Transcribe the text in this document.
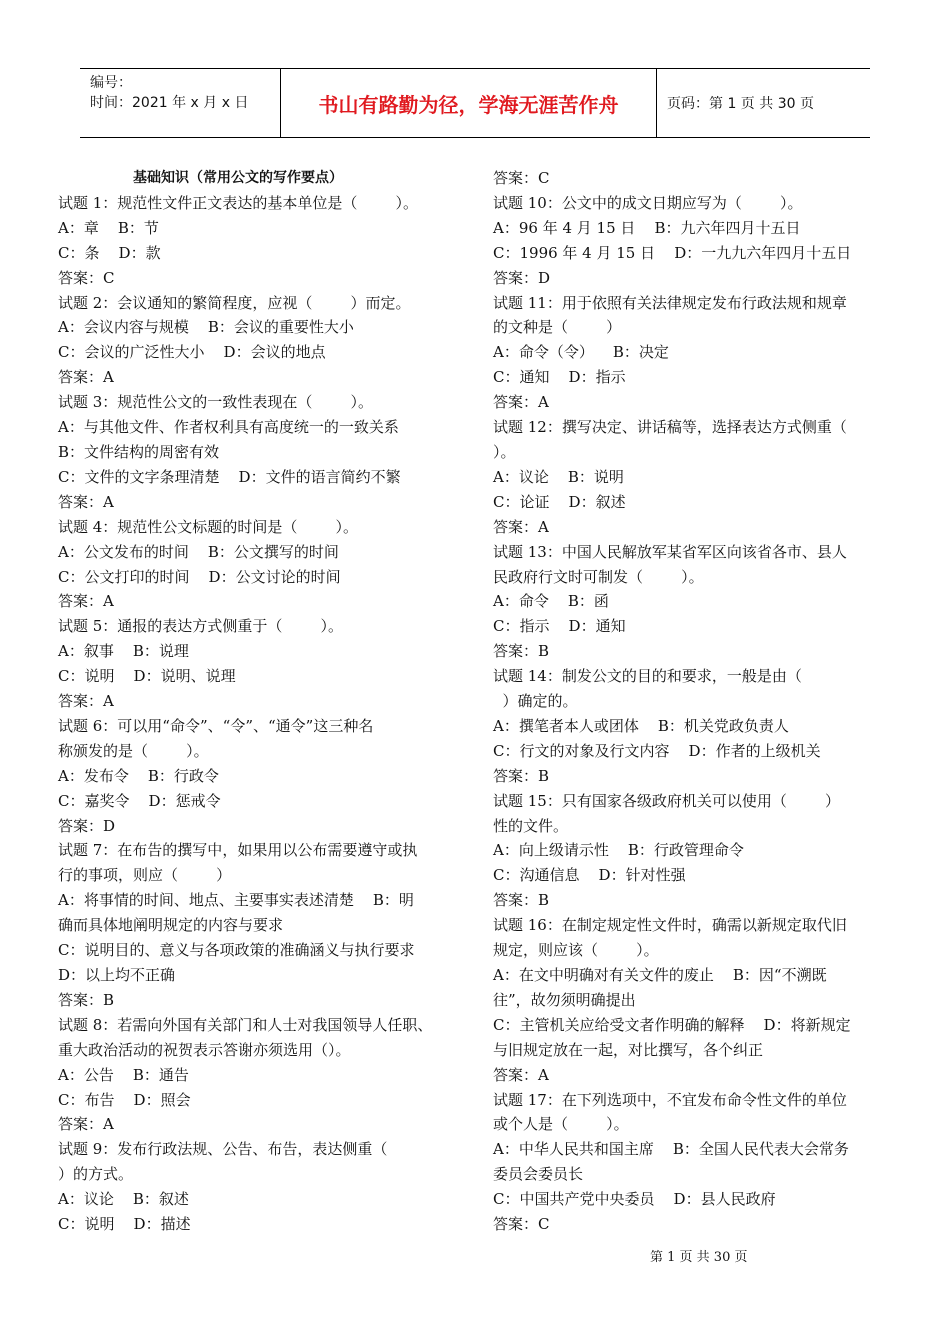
编号：
时间：2021 年 x 月 x 日	书山有路勤为径，学海无涯苦作舟	页码：第 1 页 共 30 页
基础知识（常用公文的写作要点）
试题 1：规范性文件正文表达的基本单位是（        ）。
A：章    B：节
C：条    D：款
答案：C
试题 2：会议通知的繁简程度，应视（        ）而定。
A：会议内容与规模    B：会议的重要性大小
C：会议的广泛性大小    D：会议的地点
答案：A
试题 3：规范性公文的一致性表现在（        ）。
A：与其他文件、作者权利具有高度统一的一致关系
B：文件结构的周密有效
C：文件的文字条理清楚    D：文件的语言简约不繁
答案：A
试题 4：规范性公文标题的时间是（        ）。
A：公文发布的时间    B：公文撰写的时间
C：公文打印的时间    D：公文讨论的时间
答案：A
试题 5：通报的表达方式侧重于（        ）。
A：叙事    B：说理
C：说明    D：说明、说理
答案：A
试题 6：可以用“命令”、“令”、“通令”这三种名
称颁发的是（        ）。
A：发布令    B：行政令
C：嘉奖令    D：惩戒令
答案：D
试题 7：在布告的撰写中，如果用以公布需要遵守或执
行的事项，则应（        ）
A：将事情的时间、地点、主要事实表述清楚    B：明
确而具体地阐明规定的内容与要求
C：说明目的、意义与各项政策的准确涵义与执行要求
D：以上均不正确
答案：B
试题 8：若需向外国有关部门和人士对我国领导人任职、
重大政治活动的祝贺表示答谢亦须选用（）。
A：公告    B：通告
C：布告    D：照会
答案：A
试题 9：发布行政法规、公告、布告，表达侧重（
）的方式。
A：议论    B：叙述
C：说明    D：描述
答案：C
试题 10：公文中的成文日期应写为（        ）。
A：96 年 4 月 15 日    B：九六年四月十五日
C：1996 年 4 月 15 日    D：一九九六年四月十五日
答案：D
试题 11：用于依照有关法律规定发布行政法规和规章
的文种是（        ）
A：命令（令）    B：决定
C：通知    D：指示
答案：A
试题 12：撰写决定、讲话稿等，选择表达方式侧重（
）。
A：议论    B：说明
C：论证    D：叙述
答案：A
试题 13：中国人民解放军某省军区向该省各市、县人
民政府行文时可制发（        ）。
A：命令    B：函
C：指示    D：通知
答案：B
试题 14：制发公文的目的和要求，一般是由（
）确定的。
A：撰笔者本人或团体    B：机关党政负责人
C：行文的对象及行文内容    D：作者的上级机关
答案：B
试题 15：只有国家各级政府机关可以使用（        ）
性的文件。
A：向上级请示性    B：行政管理命令
C：沟通信息    D：针对性强
答案：B
试题 16：在制定规定性文件时，确需以新规定取代旧
规定，则应该（        ）。
A：在文中明确对有关文件的废止    B：因“不溯既
往”，故勿须明确提出
C：主管机关应给受文者作明确的解释    D：将新规定
与旧规定放在一起，对比撰写，各个纠正
答案：A
试题 17：在下列选项中，不宜发布命令性文件的单位
或个人是（        ）。
A：中华人民共和国主席    B：全国人民代表大会常务
委员会委员长
C：中国共产党中央委员    D：县人民政府
答案：C
第 1 页 共 30 页
